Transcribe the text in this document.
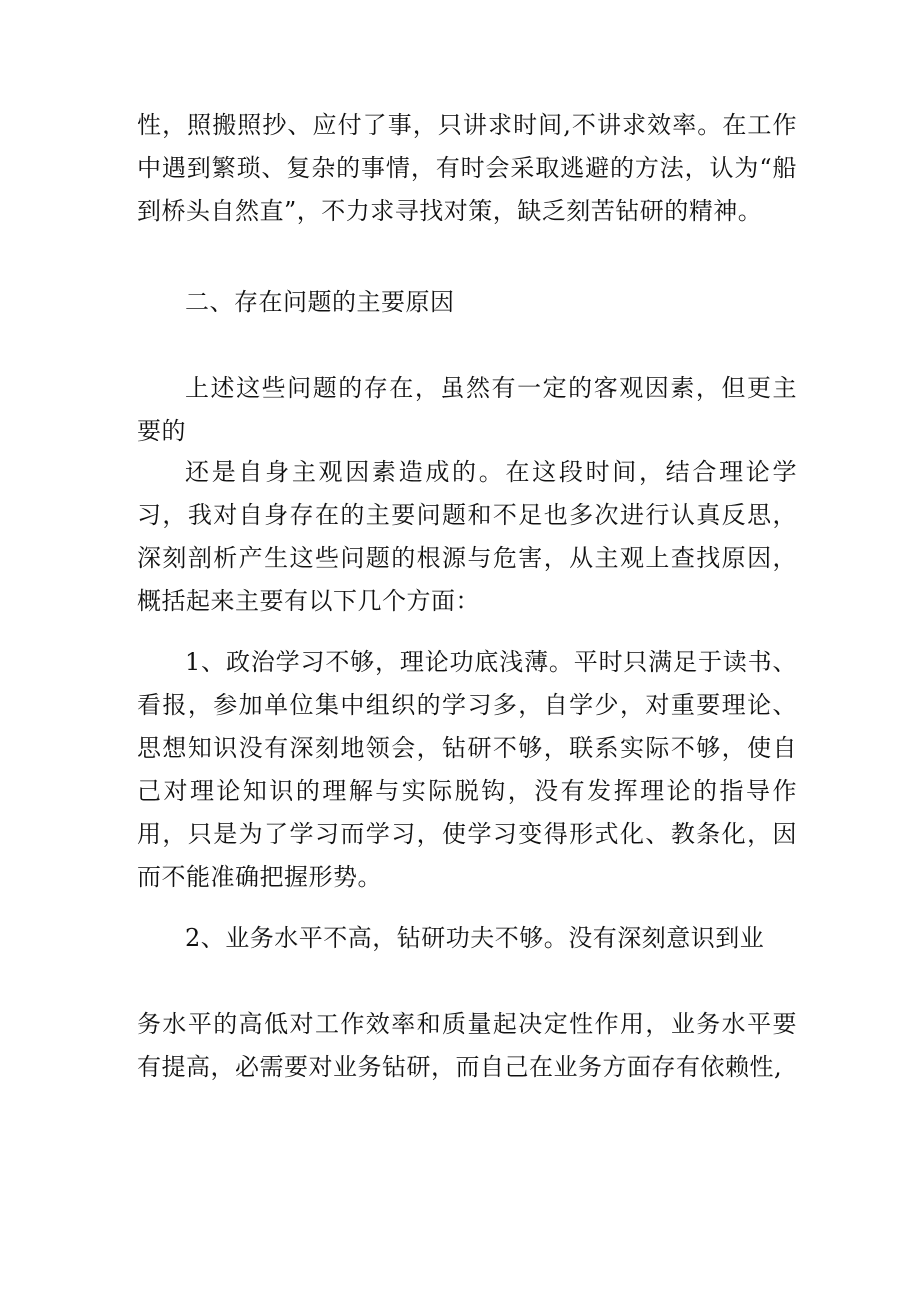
性，照搬照抄、应付了事，只讲求时间,不讲求效率。在工作中遇到繁琐、复杂的事情，有时会采取逃避的方法，认为“船到桥头自然直”，不力求寻找对策，缺乏刻苦钻研的精神。

二、存在问题的主要原因

上述这些问题的存在，虽然有一定的客观因素，但更主要的

还是自身主观因素造成的。在这段时间，结合理论学习，我对自身存在的主要问题和不足也多次进行认真反思，深刻剖析产生这些问题的根源与危害，从主观上查找原因，概括起来主要有以下几个方面：

1、政治学习不够，理论功底浅薄。平时只满足于读书、看报，参加单位集中组织的学习多，自学少，对重要理论、思想知识没有深刻地领会，钻研不够，联系实际不够，使自己对理论知识的理解与实际脱钩，没有发挥理论的指导作用，只是为了学习而学习，使学习变得形式化、教条化，因而不能准确把握形势。

2、业务水平不高，钻研功夫不够。没有深刻意识到业

务水平的高低对工作效率和质量起决定性作用，业务水平要有提高，必需要对业务钻研，而自己在业务方面存有依赖性,
